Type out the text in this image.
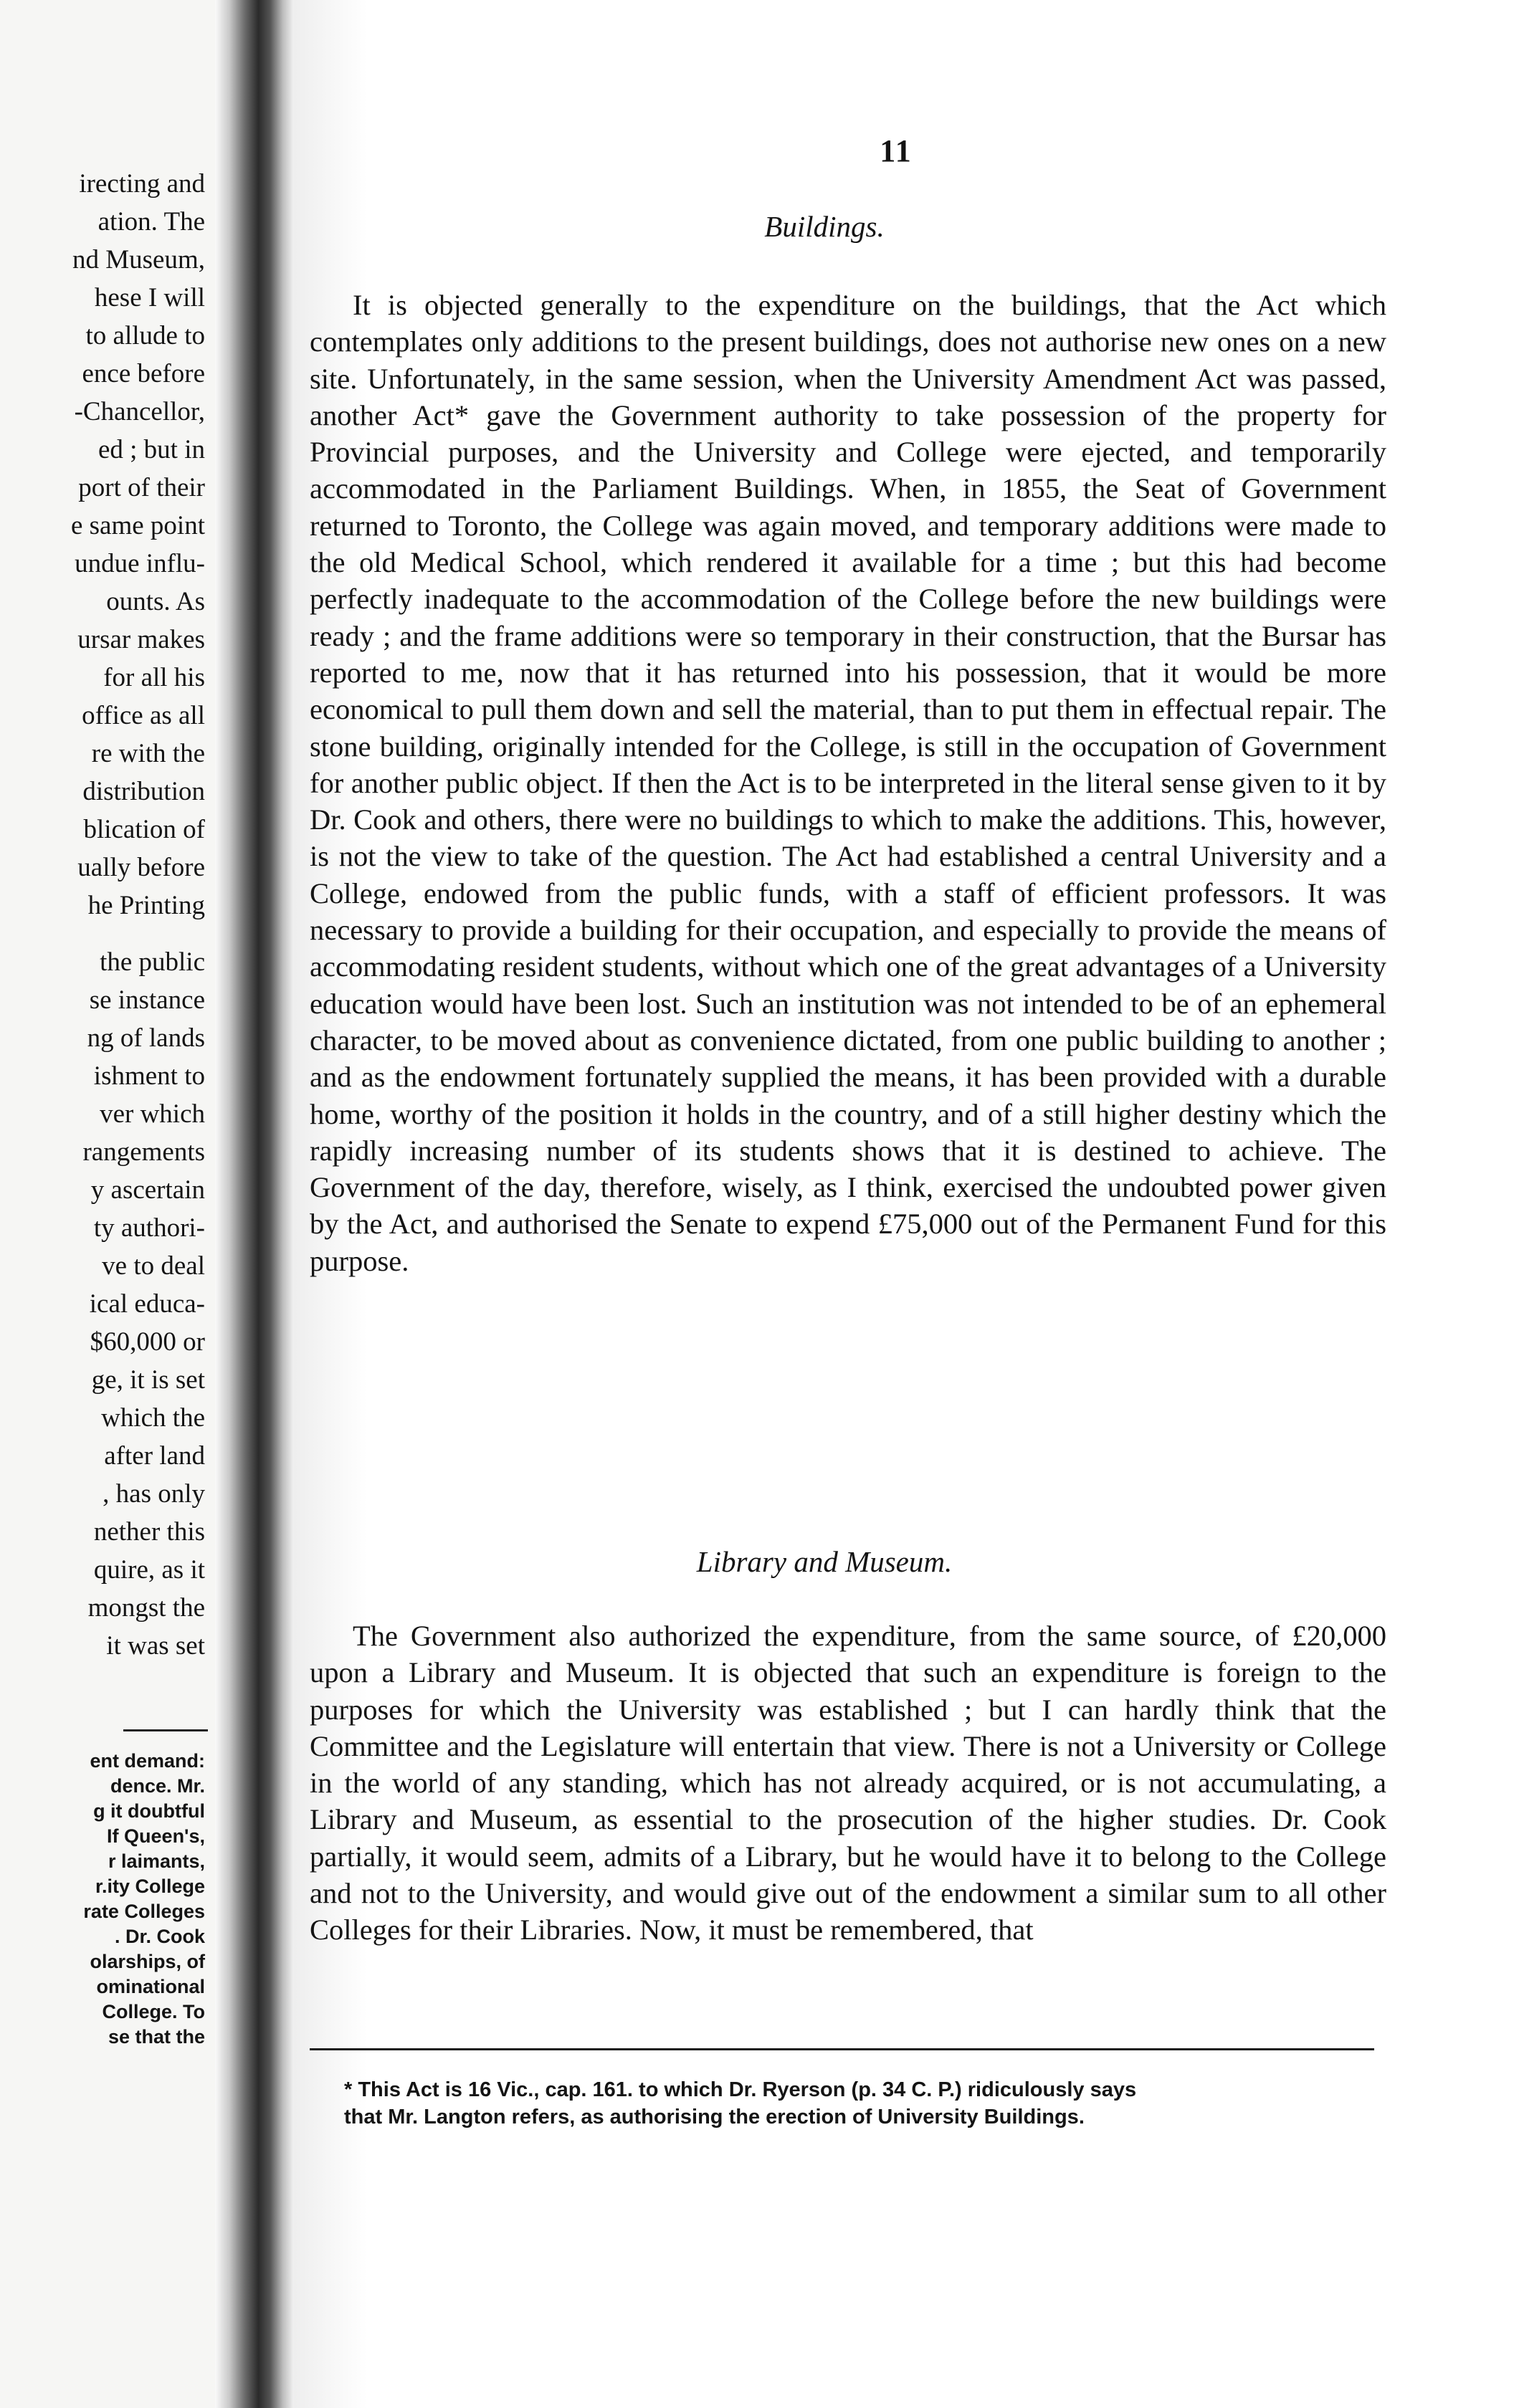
irecting and
ation. The
nd Museum,
hese I will
to allude to
ence before
-Chancellor,
ed ; but in
port of their
e same point
undue influ-
ounts. As
ursar makes
for all his
office as all
re with the
distribution
blication of
ually before
he Printing
the public
se instance
ng of lands
ishment to
ver which
rangements
y ascertain
ty authori-
ve to deal
ical educa-
$60,000 or
ge, it is set
which the
after land
, has only
nether this
quire, as it
mongst the
it was set
ent demand:
dence. Mr.
g it doubtful
If Queen's,
r laimants,
r.ity College
rate Colleges
. Dr. Cook
olarships, of
ominational
College. To
se that the
11
Buildings.

It is objected generally to the expenditure on the buildings, that the Act which contemplates only additions to the present buildings, does not authorise new ones on a new site. Unfortunately, in the same session, when the University Amendment Act was passed, another Act* gave the Government authority to take possession of the property for Provincial purposes, and the University and College were ejected, and temporarily accommodated in the Parliament Buildings. When, in 1855, the Seat of Government returned to Toronto, the College was again moved, and temporary additions were made to the old Medical School, which rendered it available for a time ; but this had become perfectly inadequate to the accommodation of the College before the new buildings were ready ; and the frame additions were so temporary in their construction, that the Bursar has reported to me, now that it has returned into his possession, that it would be more economical to pull them down and sell the material, than to put them in effectual repair. The stone building, originally intended for the College, is still in the occupation of Government for another public object. If then the Act is to be interpreted in the literal sense given to it by Dr. Cook and others, there were no buildings to which to make the additions. This, however, is not the view to take of the question. The Act had established a central University and a College, endowed from the public funds, with a staff of efficient professors. It was necessary to provide a building for their occupation, and especially to provide the means of accommodating resident students, without which one of the great advantages of a University education would have been lost. Such an institution was not intended to be of an ephemeral character, to be moved about as convenience dictated, from one public building to another ; and as the endowment fortunately supplied the means, it has been provided with a durable home, worthy of the position it holds in the country, and of a still higher destiny which the rapidly increasing number of its students shows that it is destined to achieve. The Government of the day, therefore, wisely, as I think, exercised the undoubted power given by the Act, and authorised the Senate to expend £75,000 out of the Permanent Fund for this purpose.

Library and Museum.

The Government also authorized the expenditure, from the same source, of £20,000 upon a Library and Museum. It is objected that such an expenditure is foreign to the purposes for which the University was established ; but I can hardly think that the Committee and the Legislature will entertain that view. There is not a University or College in the world of any standing, which has not already acquired, or is not accumulating, a Library and Museum, as essential to the prosecution of the higher studies. Dr. Cook partially, it would seem, admits of a Library, but he would have it to belong to the College and not to the University, and would give out of the endowment a similar sum to all other Colleges for their Libraries. Now, it must be remembered, that

* This Act is 16 Vic., cap. 161. to which Dr. Ryerson (p. 34 C. P.) ridiculously says
that Mr. Langton refers, as authorising the erection of University Buildings.
